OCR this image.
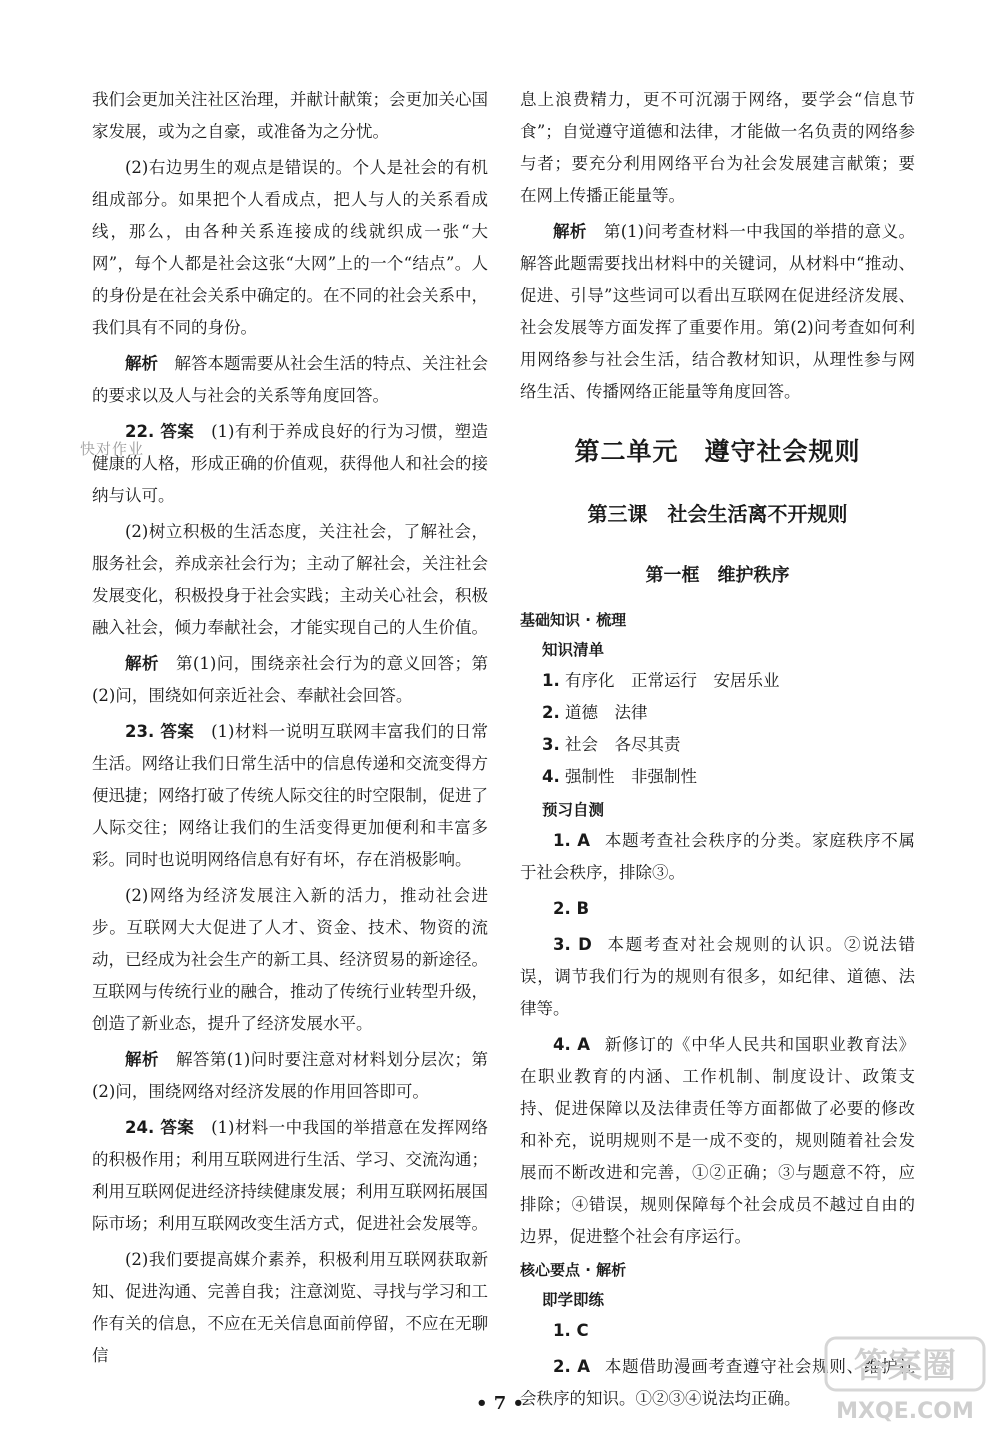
我们会更加关注社区治理，并献计献策；会更加关心国家发展，或为之自豪，或准备为之分忧。

(2)右边男生的观点是错误的。个人是社会的有机组成部分。如果把个人看成点，把人与人的关系看成线，那么，由各种关系连接成的线就织成一张“大网”，每个人都是社会这张“大网”上的一个“结点”。人的身份是在社会关系中确定的。在不同的社会关系中，我们具有不同的身份。

解析　 解答本题需要从社会生活的特点、关注社会的要求以及人与社会的关系等角度回答。

22. 答案　 (1)有利于养成良好的行为习惯，塑造健康的人格，形成正确的价值观，获得他人和社会的接纳与认可。

(2)树立积极的生活态度，关注社会，了解社会，服务社会，养成亲社会行为；主动了解社会，关注社会发展变化，积极投身于社会实践；主动关心社会，积极融入社会，倾力奉献社会，才能实现自己的人生价值。

解析　 第(1)问，围绕亲社会行为的意义回答；第(2)问，围绕如何亲近社会、奉献社会回答。

23. 答案　 (1)材料一说明互联网丰富我们的日常生活。网络让我们日常生活中的信息传递和交流变得方便迅捷；网络打破了传统人际交往的时空限制，促进了人际交往；网络让我们的生活变得更加便利和丰富多彩。同时也说明网络信息有好有坏，存在消极影响。

(2)网络为经济发展注入新的活力，推动社会进步。互联网大大促进了人才、资金、技术、物资的流动，已经成为社会生产的新工具、经济贸易的新途径。互联网与传统行业的融合，推动了传统行业转型升级，创造了新业态，提升了经济发展水平。

解析　 解答第(1)问时要注意对材料划分层次；第(2)问，围绕网络对经济发展的作用回答即可。

24. 答案　 (1)材料一中我国的举措意在发挥网络的积极作用；利用互联网进行生活、学习、交流沟通；利用互联网促进经济持续健康发展；利用互联网拓展国际市场；利用互联网改变生活方式，促进社会发展等。

(2)我们要提高媒介素养，积极利用互联网获取新知、促进沟通、完善自我；注意浏览、寻找与学习和工作有关的信息，不应在无关信息面前停留，不应在无聊信

息上浪费精力，更不可沉溺于网络，要学会“信息节食”；自觉遵守道德和法律，才能做一名负责的网络参与者；要充分利用网络平台为社会发展建言献策；要在网上传播正能量等。

解析　 第(1)问考查材料一中我国的举措的意义。解答此题需要找出材料中的关键词，从材料中“推动、促进、引导”这些词可以看出互联网在促进经济发展、社会发展等方面发挥了重要作用。第(2)问考查如何利用网络参与社会生活，结合教材知识，从理性参与网络生活、传播网络正能量等角度回答。

第二单元　遵守社会规则
第三课　社会生活离不开规则
第一框　维护秩序
基础知识 · 梳理
知识清单
1. 有序化　正常运行　安居乐业
2. 道德　法律
3. 社会　各尽其责
4. 强制性　非强制性
预习自测

1. A 本题考查社会秩序的分类。家庭秩序不属于社会秩序，排除③。

2. B

3. D 本题考查对社会规则的认识。②说法错误，调节我们行为的规则有很多，如纪律、道德、法律等。

4. A 新修订的《中华人民共和国职业教育法》在职业教育的内涵、工作机制、制度设计、政策支持、促进保障以及法律责任等方面都做了必要的修改和补充，说明规则不是一成不变的，规则随着社会发展而不断改进和完善，①②正确；③与题意不符，应排除；④错误，规则保障每个社会成员不越过自由的边界，促进整个社会有序运行。

核心要点 · 解析
即学即练

1. C

2. A 本题借助漫画考查遵守社会规则、维护社会秩序的知识。①②③④说法均正确。

快对作业
• 7 •
答案圈
MXQE.COM
